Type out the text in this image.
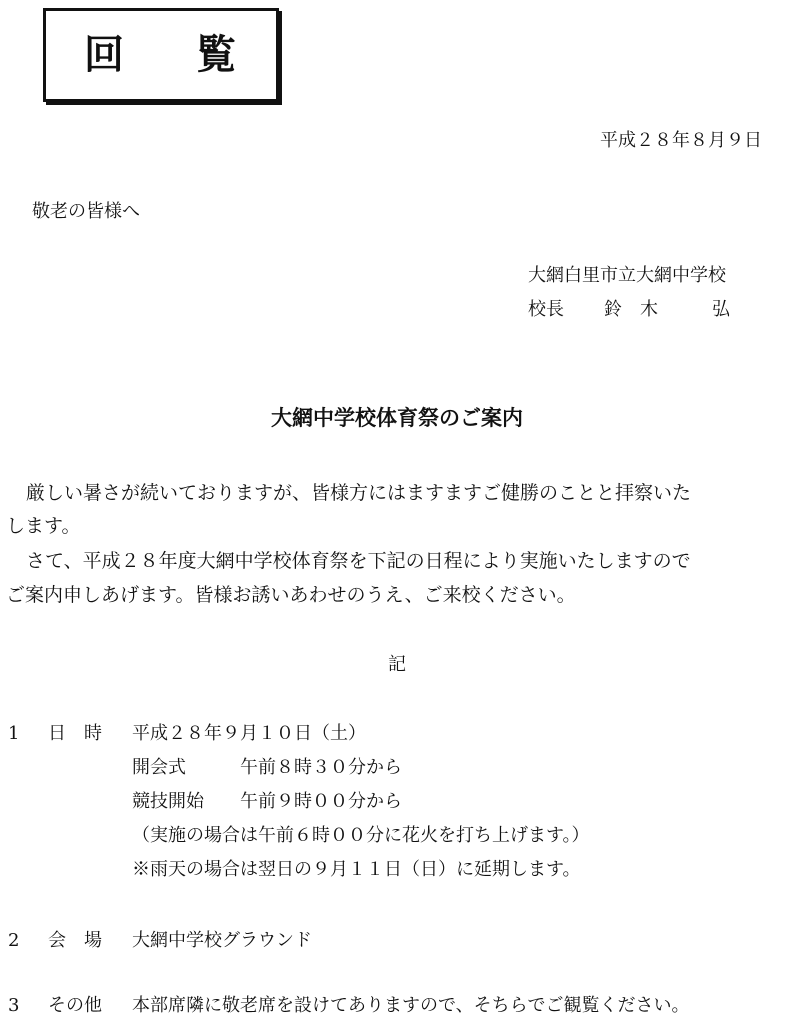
回 覧
平成２８年８月９日
敬老の皆様へ
大網白里市立大網中学校
校長 鈴　木　　　弘
大網中学校体育祭のご案内
厳しい暑さが続いておりますが、皆様方にはますますご健勝のことと拝察いた
します。
さて、平成２８年度大網中学校体育祭を下記の日程により実施いたしますので
ご案内申しあげます。皆様お誘いあわせのうえ、ご来校ください。
記
1 日　時 平成２８年９月１０日（土）
開会式	午前８時３０分から
競技開始 午前９時００分から
（実施の場合は午前６時００分に花火を打ち上げます。）
※雨天の場合は翌日の９月１１日（日）に延期します。
2 会　場 大網中学校グラウンド
3 その他 本部席隣に敬老席を設けてありますので、そちらでご観覧ください。
